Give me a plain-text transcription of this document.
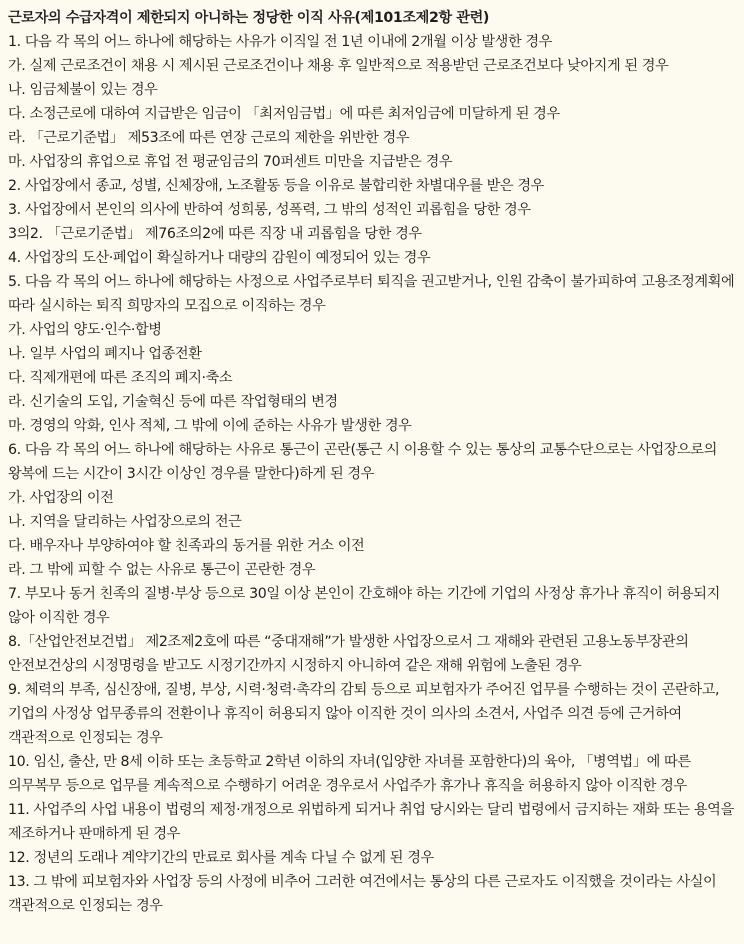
근로자의 수급자격이 제한되지 아니하는 정당한 이직 사유(제101조제2항 관련)
1. 다음 각 목의 어느 하나에 해당하는 사유가 이직일 전 1년 이내에 2개월 이상 발생한 경우
가. 실제 근로조건이 채용 시 제시된 근로조건이나 채용 후 일반적으로 적용받던 근로조건보다 낮아지게 된 경우
나. 임금체불이 있는 경우
다. 소정근로에 대하여 지급받은 임금이 「최저임금법」에 따른 최저임금에 미달하게 된 경우
라. 「근로기준법」 제53조에 따른 연장 근로의 제한을 위반한 경우
마. 사업장의 휴업으로 휴업 전 평균임금의 70퍼센트 미만을 지급받은 경우
2. 사업장에서 종교, 성별, 신체장애, 노조활동 등을 이유로 불합리한 차별대우를 받은 경우
3. 사업장에서 본인의 의사에 반하여 성희롱, 성폭력, 그 밖의 성적인 괴롭힘을 당한 경우
3의2. 「근로기준법」 제76조의2에 따른 직장 내 괴롭힘을 당한 경우
4. 사업장의 도산·폐업이 확실하거나 대량의 감원이 예정되어 있는 경우
5. 다음 각 목의 어느 하나에 해당하는 사정으로 사업주로부터 퇴직을 권고받거나, 인원 감축이 불가피하여 고용조정계획에 따라 실시하는 퇴직 희망자의 모집으로 이직하는 경우
가. 사업의 양도·인수·합병
나. 일부 사업의 폐지나 업종전환
다. 직제개편에 따른 조직의 폐지·축소
라. 신기술의 도입, 기술혁신 등에 따른 작업형태의 변경
마. 경영의 악화, 인사 적체, 그 밖에 이에 준하는 사유가 발생한 경우
6. 다음 각 목의 어느 하나에 해당하는 사유로 통근이 곤란(통근 시 이용할 수 있는 통상의 교통수단으로는 사업장으로의 왕복에 드는 시간이 3시간 이상인 경우를 말한다)하게 된 경우
가. 사업장의 이전
나. 지역을 달리하는 사업장으로의 전근
다. 배우자나 부양하여야 할 친족과의 동거를 위한 거소 이전
라. 그 밖에 피할 수 없는 사유로 통근이 곤란한 경우
7. 부모나 동거 친족의 질병·부상 등으로 30일 이상 본인이 간호해야 하는 기간에 기업의 사정상 휴가나 휴직이 허용되지 않아 이직한 경우
8.「산업안전보건법」 제2조제2호에 따른 “중대재해”가 발생한 사업장으로서 그 재해와 관련된 고용노동부장관의 안전보건상의 시정명령을 받고도 시정기간까지 시정하지 아니하여 같은 재해 위험에 노출된 경우
9. 체력의 부족, 심신장애, 질병, 부상, 시력·청력·촉각의 감퇴 등으로 피보험자가 주어진 업무를 수행하는 것이 곤란하고, 기업의 사정상 업무종류의 전환이나 휴직이 허용되지 않아 이직한 것이 의사의 소견서, 사업주 의견 등에 근거하여 객관적으로 인정되는 경우
10. 임신, 출산, 만 8세 이하 또는 초등학교 2학년 이하의 자녀(입양한 자녀를 포함한다)의 육아, 「병역법」에 따른 의무복무 등으로 업무를 계속적으로 수행하기 어려운 경우로서 사업주가 휴가나 휴직을 허용하지 않아 이직한 경우
11. 사업주의 사업 내용이 법령의 제정·개정으로 위법하게 되거나 취업 당시와는 달리 법령에서 금지하는 재화 또는 용역을 제조하거나 판매하게 된 경우
12. 정년의 도래나 계약기간의 만료로 회사를 계속 다닐 수 없게 된 경우
13. 그 밖에 피보험자와 사업장 등의 사정에 비추어 그러한 여건에서는 통상의 다른 근로자도 이직했을 것이라는 사실이 객관적으로 인정되는 경우
